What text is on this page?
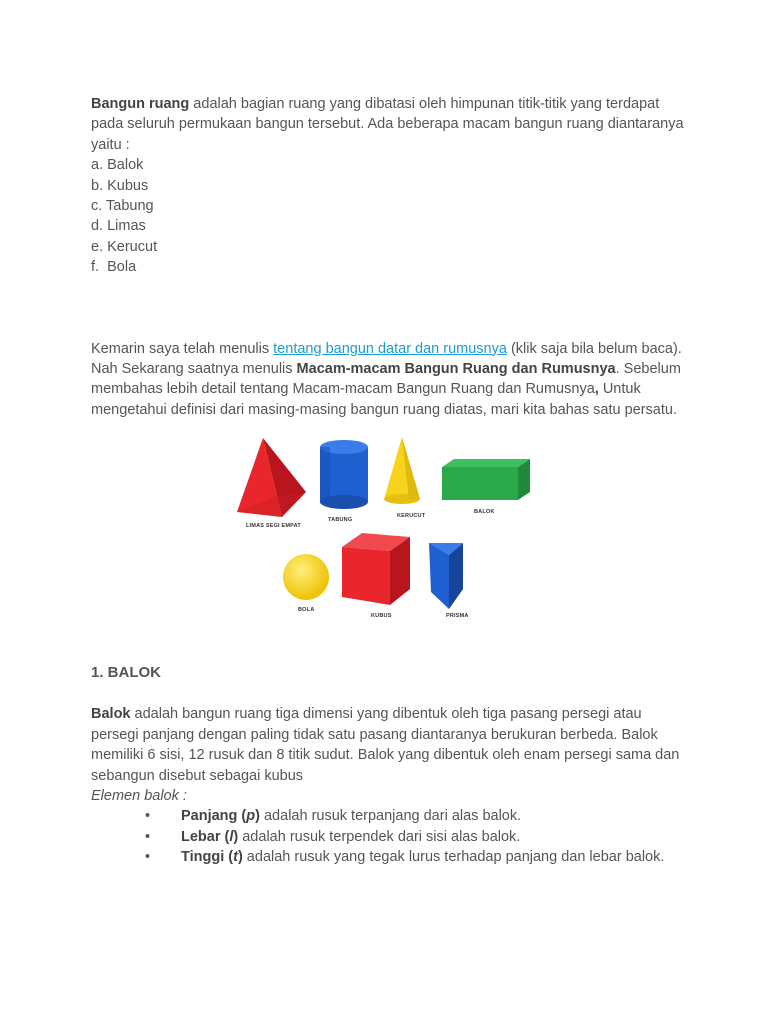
Bangun ruang adalah bagian ruang yang dibatasi oleh himpunan titik-titik yang terdapat pada seluruh permukaan bangun tersebut. Ada beberapa macam bangun ruang diantaranya yaitu :

a. Balok
b. Kubus
c. Tabung
d. Limas
e. Kerucut
f.  Bola

Kemarin saya telah menulis tentang bangun datar dan rumusnya (klik saja bila belum baca). Nah Sekarang saatnya menulis Macam-macam Bangun Ruang dan Rumusnya. Sebelum membahas lebih detail tentang Macam-macam Bangun Ruang dan Rumusnya, Untuk mengetahui definisi dari masing-masing bangun ruang diatas, mari kita bahas satu persatu.

LIMAS SEGI EMPAT
TABUNG
KERUCUT
BALOK
BOLA
KUBUS	PRISMA
1. BALOK

Balok adalah bangun ruang tiga dimensi yang dibentuk oleh tiga pasang persegi atau persegi panjang dengan paling tidak satu pasang diantaranya berukuran berbeda. Balok memiliki 6 sisi, 12 rusuk dan 8 titik sudut. Balok yang dibentuk oleh enam persegi sama dan sebangun disebut sebagai kubus

Elemen balok :

• Panjang (p) adalah rusuk terpanjang dari alas balok.
• Lebar (l) adalah rusuk terpendek dari sisi alas balok.
• Tinggi (t) adalah rusuk yang tegak lurus terhadap panjang dan lebar balok.
